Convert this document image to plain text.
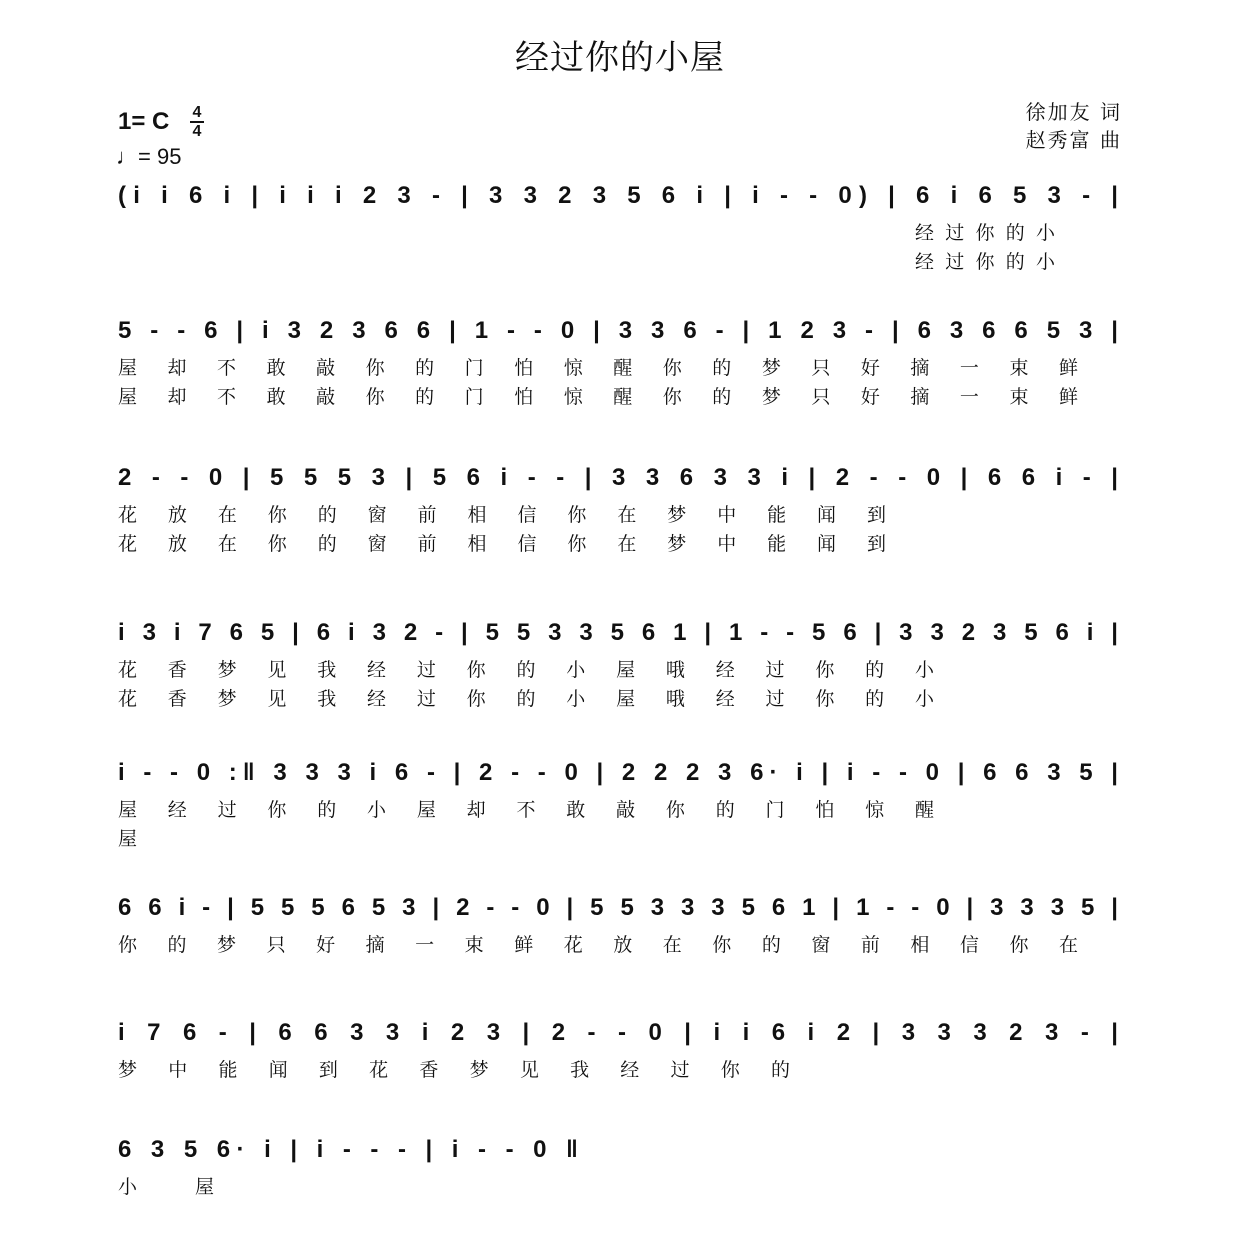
经过你的小屋
徐加友 词
赵秀富 曲
1= C 4
4
♩= 95
(i i 6 i | i i i 2 3 - | 3 3 2 3 5 6 i | i - - 0) | 6 i 6 5 3 - |
经 过 你 的 小
经 过 你 的 小
5 - - 6 | i 3 2 3 6 6 | 1 - - 0 | 3 3 6 - | 1 2 3 - | 6 3 6 6 5 3 |
屋 却 不 敢 敲 你 的 门 怕 惊 醒 你 的 梦 只 好 摘 一 束 鲜
屋 却 不 敢 敲 你 的 门 怕 惊 醒 你 的 梦 只 好 摘 一 束 鲜
2 - - 0 | 5 5 5 3 | 5 6 i - - | 3 3 6 3 3 i | 2 - - 0 | 6 6 i - |
花 放 在 你 的 窗 前 相 信 你 在 梦 中 能 闻 到
花 放 在 你 的 窗 前 相 信 你 在 梦 中 能 闻 到
i 3 i 7 6 5 | 6 i 3 2 - | 5 5 3 3 5 6 1 | 1 - - 5 6 | 3 3 2 3 5 6 i |
花 香 梦 见 我 经 过 你 的 小 屋 哦 经 过 你 的 小
花 香 梦 见 我 经 过 你 的 小 屋 哦 经 过 你 的 小
i - - 0 :‖ 3 3 3 i 6 - | 2 - - 0 | 2 2 2 3 6· i | i - - 0 | 6 6 3 5 |
屋 经 过 你 的 小 屋 却 不 敢 敲 你 的 门 怕 惊 醒
屋
6 6 i - | 5 5 5 6 5 3 | 2 - - 0 | 5 5 3 3 3 5 6 1 | 1 - - 0 | 3 3 3 5 |
你 的 梦 只 好 摘 一 束 鲜 花 放 在 你 的 窗 前 相 信 你 在
i 7 6 - | 6 6 3 3 i 2 3 | 2 - - 0 | i i 6 i 2 | 3 3 3 2 3 - |
梦 中 能 闻 到 花 香 梦 见 我 经 过 你 的
6 3 5 6· i | i - - - | i - - 0 ‖
小 屋
